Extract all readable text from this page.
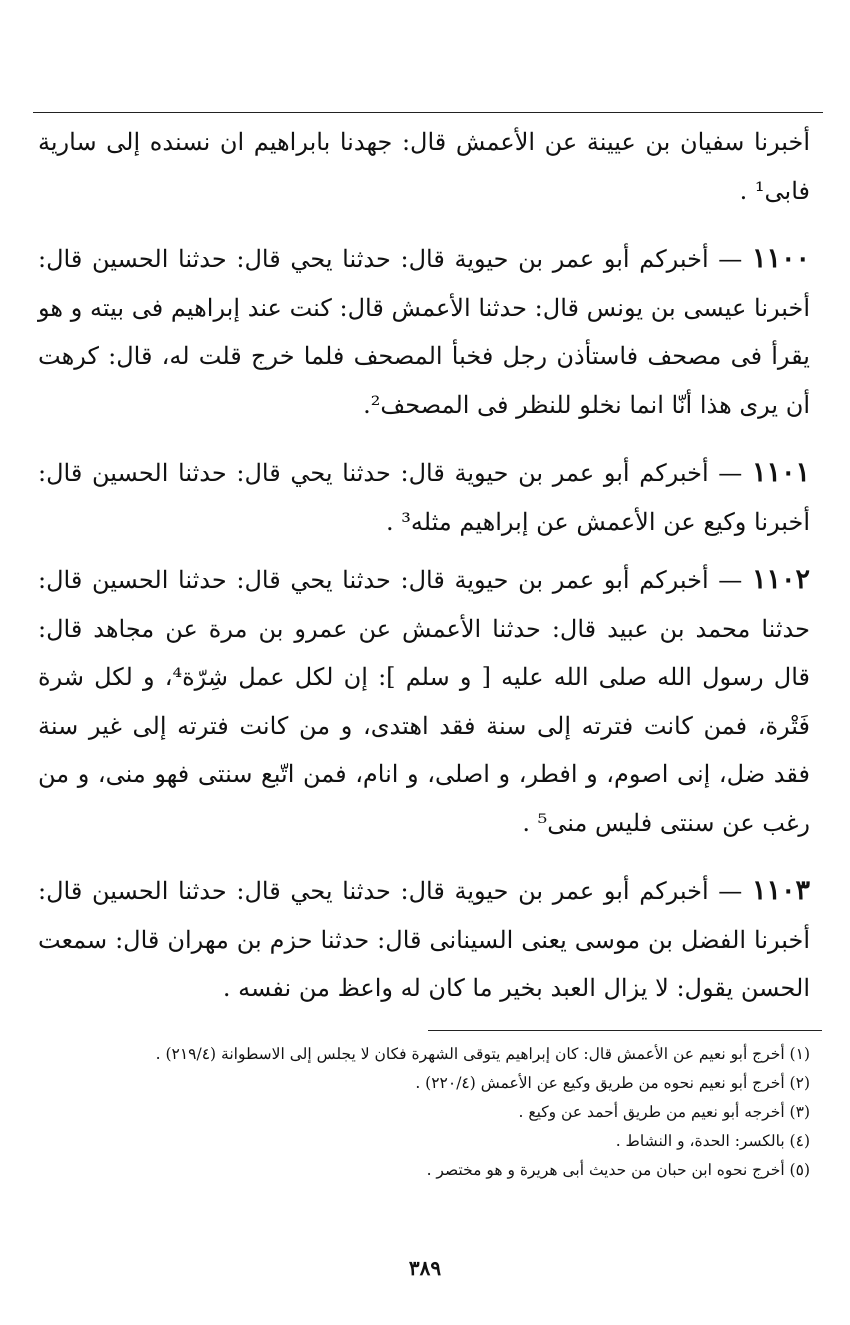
أخبرنا سفيان بن عيينة عن الأعمش قال: جهدنا بابراهيم ان نسنده إلى سارية فابى¹ .

١١٠٠ — أخبركم أبو عمر بن حيوية قال: حدثنا يحي قال: حدثنا الحسين قال: أخبرنا عيسى بن يونس قال: حدثنا الأعمش قال: كنت عند إبراهيم فى بيته و هو يقرأ فى مصحف فاستأذن رجل فخبأ المصحف فلما خرج قلت له، قال: كرهت أن يرى هذا أنّا انما نخلو للنظر فى المصحف².

١١٠١ — أخبركم أبو عمر بن حيوية قال: حدثنا يحي قال: حدثنا الحسين قال: أخبرنا وكيع عن الأعمش عن إبراهيم مثله³ .

١١٠٢ — أخبركم أبو عمر بن حيوية قال: حدثنا يحي قال: حدثنا الحسين قال: حدثنا محمد بن عبيد قال: حدثنا الأعمش عن عمرو بن مرة عن مجاهد قال: قال رسول الله صلى الله عليه [ و سلم ]: إن لكل عمل شِرّة⁴، و لكل شرة فَتْرة، فمن كانت فترته إلى سنة فقد اهتدى، و من كانت فترته إلى غير سنة فقد ضل، إنى اصوم، و افطر، و اصلى، و انام، فمن اتّبع سنتى فهو منى، و من رغب عن سنتى فليس منى⁵ .

١١٠٣ — أخبركم أبو عمر بن حيوية قال: حدثنا يحي قال: حدثنا الحسين قال: أخبرنا الفضل بن موسى يعنى السينانى قال: حدثنا حزم بن مهران قال: سمعت الحسن يقول: لا يزال العبد بخير ما كان له واعظ من نفسه .

(١) أخرج أبو نعيم عن الأعمش قال: كان إبراهيم يتوقى الشهرة فكان لا يجلس إلى الاسطوانة (٢١٩/٤) .

(٢) أخرج أبو نعيم نحوه من طريق وكيع عن الأعمش (٢٢٠/٤) .

(٣) أخرجه أبو نعيم من طريق أحمد عن وكيع .

(٤) بالكسر: الحدة، و النشاط .

(٥) أخرج نحوه ابن حبان من حديث أبى هريرة و هو مختصر .

٣٨٩
